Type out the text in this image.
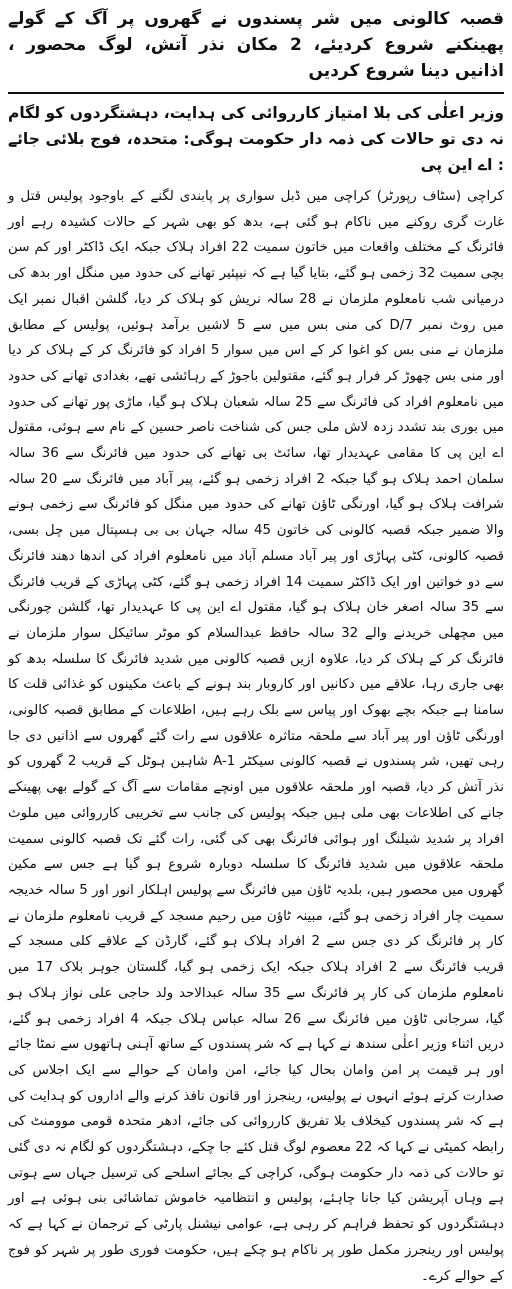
قصبہ کالونی میں شر پسندوں نے گھروں پر آگ کے گولے پھینکنے شروع کردیئے، 2 مکان نذر آتش، لوگ محصور ، اذانیں دینا شروع کردیں
وزیر اعلٰی کی بلا امتیاز کارروائی کی ہدایت، دہشتگردوں کو لگام نہ دی تو حالات کی ذمہ دار حکومت ہوگی: متحدہ، فوج بلائی جائے : اے این پی

کراچی (سٹاف رپورٹر) کراچی میں ڈبل سواری پر پابندی لگنے کے باوجود پولیس قتل و غارت گری روکنے میں ناکام ہو گئی ہے، بدھ کو بھی شہر کے حالات کشیدہ رہے اور فائرنگ کے مختلف واقعات میں خاتون سمیت 22 افراد ہلاک جبکہ ایک ڈاکٹر اور کم سن بچی سمیت 32 زخمی ہو گئے، بتایا گیا ہے کہ نیپئیر تھانے کی حدود میں منگل اور بدھ کی درمیانی شب نامعلوم ملزمان نے 28 سالہ نریش کو ہلاک کر دیا، گلشن اقبال نمبر ایک میں روٹ نمبر D/7 کی منی بس میں سے 5 لاشیں برآمد ہوئیں، پولیس کے مطابق ملزمان نے منی بس کو اغوا کر کے اس میں سوار 5 افراد کو فائرنگ کر کے ہلاک کر دیا اور منی بس چھوڑ کر فرار ہو گئے، مقتولین باجوڑ کے رہائشی تھے، بغدادی تھانے کی حدود میں نامعلوم افراد کی فائرنگ سے 25 سالہ شعبان ہلاک ہو گیا، ماڑی پور تھانے کی حدود میں بوری بند تشدد زدہ لاش ملی جس کی شناخت ناصر حسین کے نام سے ہوئی، مقتول اے این پی کا مقامی عہدیدار تھا، سائٹ بی تھانے کی حدود میں فائرنگ سے 36 سالہ سلمان احمد ہلاک ہو گیا جبکہ 2 افراد زخمی ہو گئے، پیر آباد میں فائرنگ سے 20 سالہ شرافت ہلاک ہو گیا، اورنگی ٹاؤن تھانے کی حدود میں منگل کو فائرنگ سے زخمی ہونے والا ضمیر جبکہ قصبہ کالونی کی خاتون 45 سالہ جہان بی بی ہسپتال میں چل بسی، قصبہ کالونی، کٹی پہاڑی اور پیر آباد مسلم آباد میں نامعلوم افراد کی اندھا دھند فائرنگ سے دو خواتین اور ایک ڈاکٹر سمیت 14 افراد زخمی ہو گئے، کٹی پہاڑی کے قریب فائرنگ سے 35 سالہ اصغر خان ہلاک ہو گیا، مقتول اے این پی کا عہدیدار تھا، گلشن چورنگی میں مچھلی خریدنے والے 32 سالہ حافظ عبدالسلام کو موٹر سائیکل سوار ملزمان نے فائرنگ کر کے ہلاک کر دیا، علاوہ ازیں قصبہ کالونی میں شدید فائرنگ کا سلسلہ بدھ کو بھی جاری رہا، علاقے میں دکانیں اور کاروبار بند ہونے کے باعث مکینوں کو غذائی قلت کا سامنا ہے جبکہ بچے بھوک اور پیاس سے بلک رہے ہیں، اطلاعات کے مطابق قصبہ کالونی، اورنگی ٹاؤن اور پیر آباد سے ملحقہ متاثرہ علاقوں سے رات گئے گھروں سے اذانیں دی جا رہی تھیں، شر پسندوں نے قصبہ کالونی سیکٹر A-1 شاہین ہوٹل کے قریب 2 گھروں کو نذر آتش کر دیا، قصبہ اور ملحقہ علاقوں میں اونچے مقامات سے آگ کے گولے بھی پھینکے جانے کی اطلاعات بھی ملی ہیں جبکہ پولیس کی جانب سے تخریبی کارروائی میں ملوث افراد پر شدید شیلنگ اور ہوائی فائرنگ بھی کی گئی، رات گئے تک قصبہ کالونی سمیت ملحقہ علاقوں میں شدید فائرنگ کا سلسلہ دوبارہ شروع ہو گیا ہے جس سے مکین گھروں میں محصور ہیں، بلدیہ ٹاؤن میں فائرنگ سے پولیس اہلکار انور اور 5 سالہ خدیجہ سمیت چار افراد زخمی ہو گئے، مبینہ ٹاؤن میں رحیم مسجد کے قریب نامعلوم ملزمان نے کار پر فائرنگ کر دی جس سے 2 افراد ہلاک ہو گئے، گارڈن کے علاقے کلی مسجد کے قریب فائرنگ سے 2 افراد ہلاک جبکہ ایک زخمی ہو گیا، گلستان جوہر بلاک 17 میں نامعلوم ملزمان کی کار پر فائرنگ سے 35 سالہ عبدالاحد ولد حاجی علی نواز ہلاک ہو گیا، سرجانی ٹاؤن میں فائرنگ سے 26 سالہ عباس ہلاک جبکہ 4 افراد زخمی ہو گئے، دریں اثناء وزیر اعلٰی سندھ نے کہا ہے کہ شر پسندوں کے ساتھ آہنی ہاتھوں سے نمٹا جائے اور ہر قیمت پر امن وامان بحال کیا جائے، امن وامان کے حوالے سے ایک اجلاس کی صدارت کرتے ہوئے انہوں نے پولیس، رینجرز اور قانون نافذ کرنے والے اداروں کو ہدایت کی ہے کہ شر پسندوں کیخلاف بلا تفریق کارروائی کی جائے، ادھر متحدہ قومی موومنٹ کی رابطہ کمیٹی نے کہا کہ 22 معصوم لوگ قتل کئے جا چکے، دہشتگردوں کو لگام نہ دی گئی تو حالات کی ذمہ دار حکومت ہوگی، کراچی کے بجائے اسلحے کی ترسیل جہاں سے ہوتی ہے وہاں آپریشن کیا جانا چاہئے، پولیس و انتظامیہ خاموش تماشائی بنی ہوئی ہے اور دہشتگردوں کو تحفظ فراہم کر رہی ہے، عوامی نیشنل پارٹی کے ترجمان نے کہا ہے کہ پولیس اور رینجرز مکمل طور پر ناکام ہو چکے ہیں، حکومت فوری طور پر شہر کو فوج کے حوالے کرے۔
